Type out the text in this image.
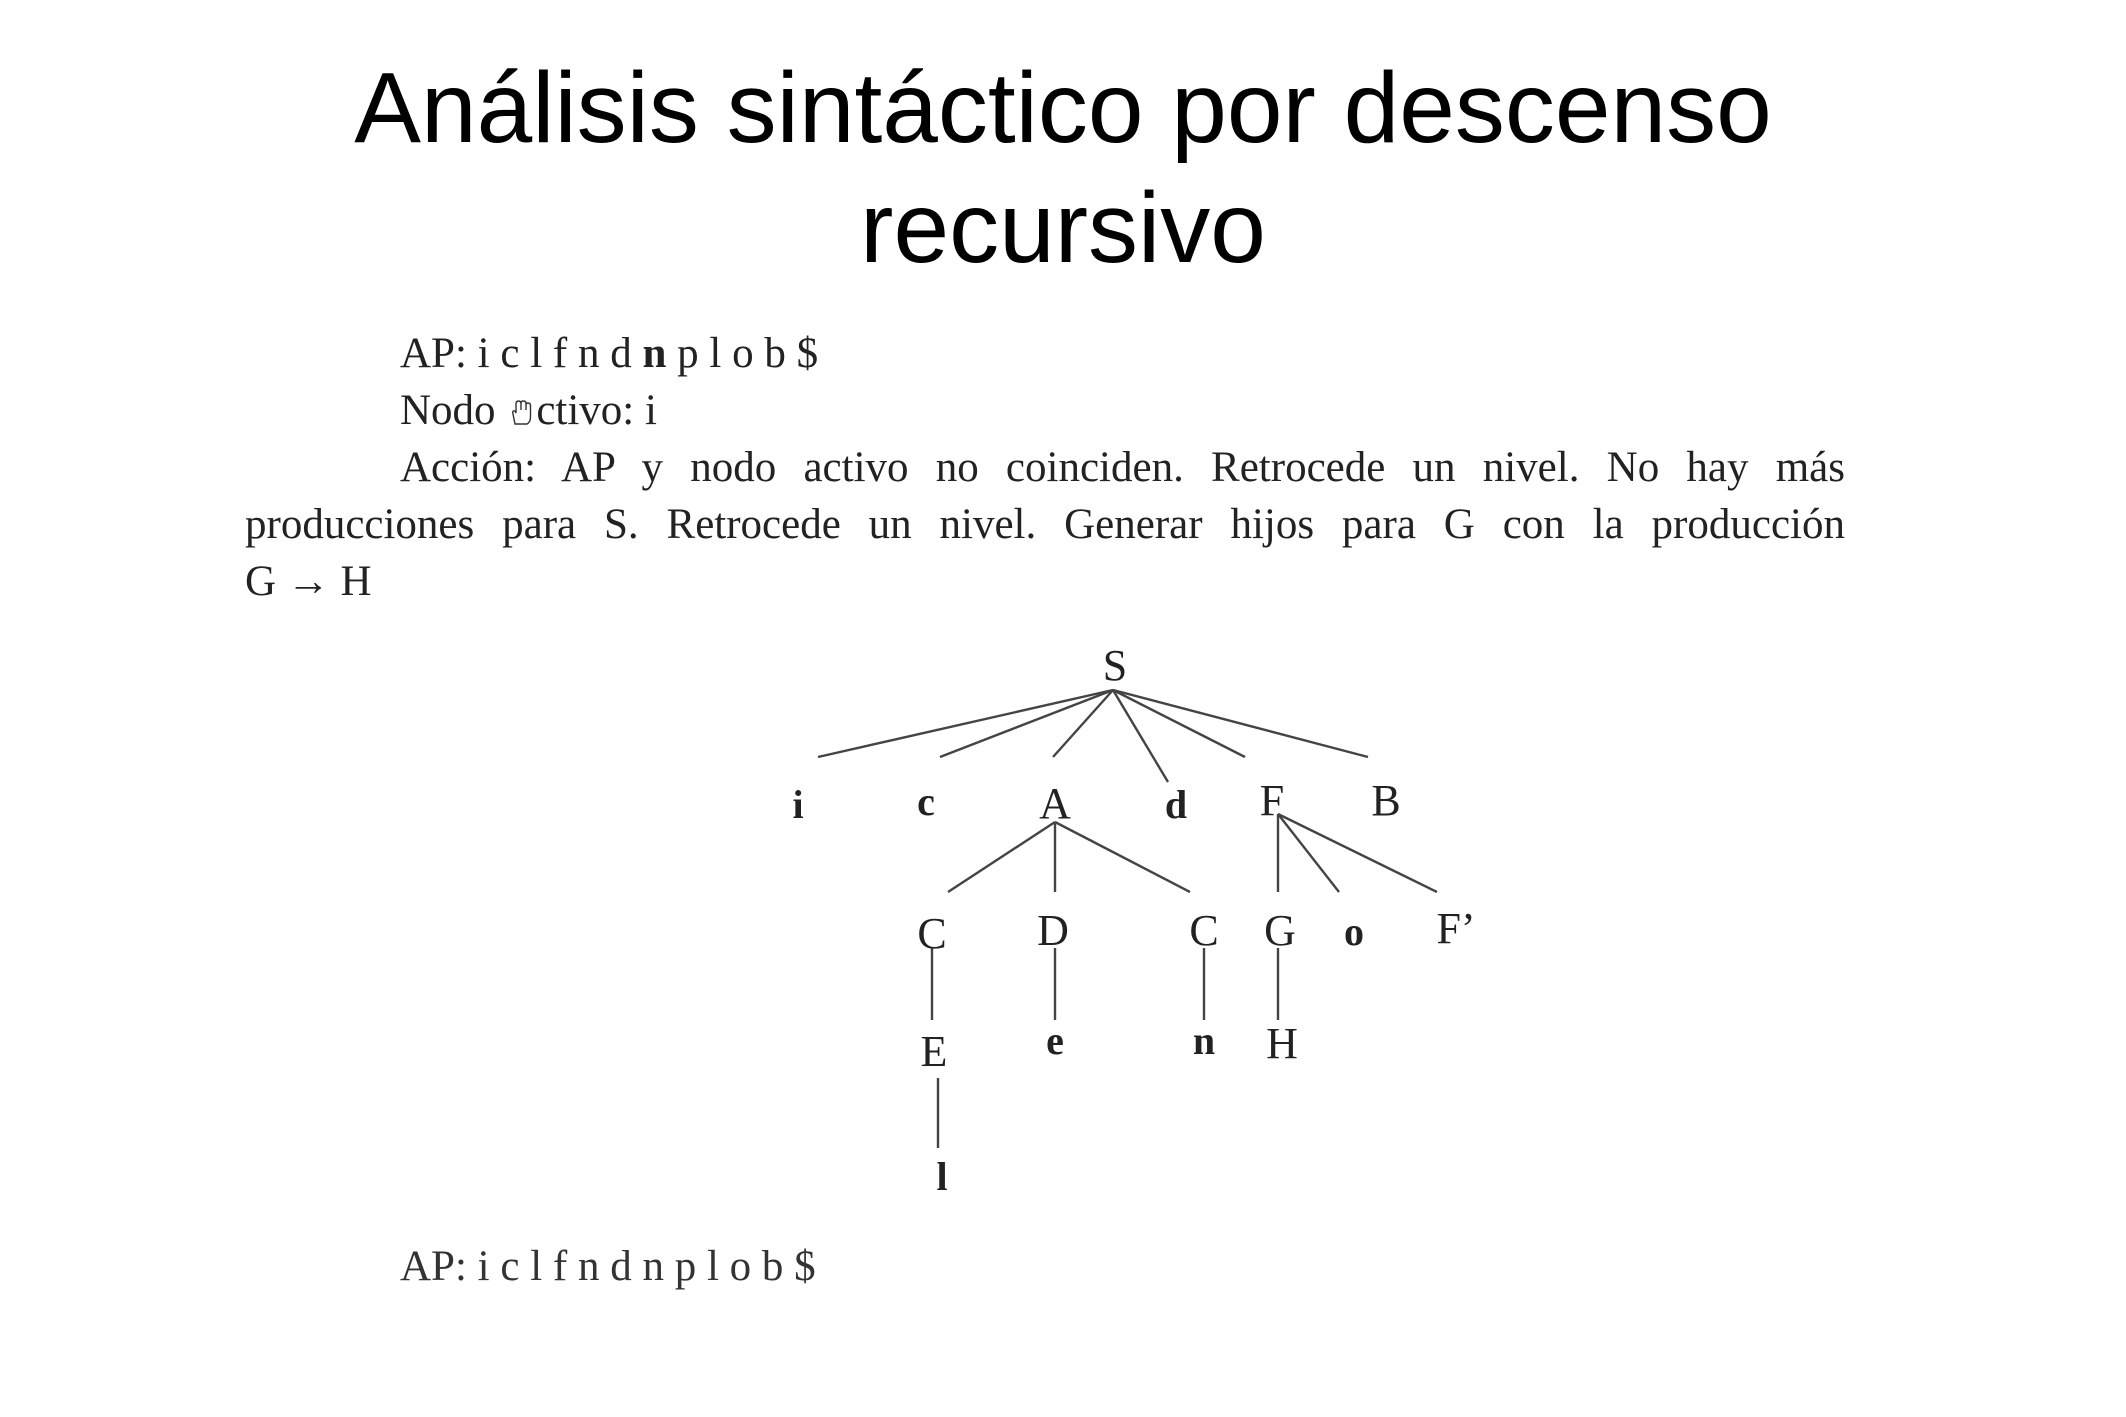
Análisis sintáctico por descenso
recursivo
AP: i c l f n d n p l o b $
Nodo ctivo: i
Acción: AP y nodo activo no coinciden. Retrocede un nivel. No hay más
producciones para S. Retrocede un nivel. Generar hijos para G con la producción
G → H
S
i	c A d F B
C D	C G o F’
E e	n H
l
AP: i c l f n d n p l o b $
